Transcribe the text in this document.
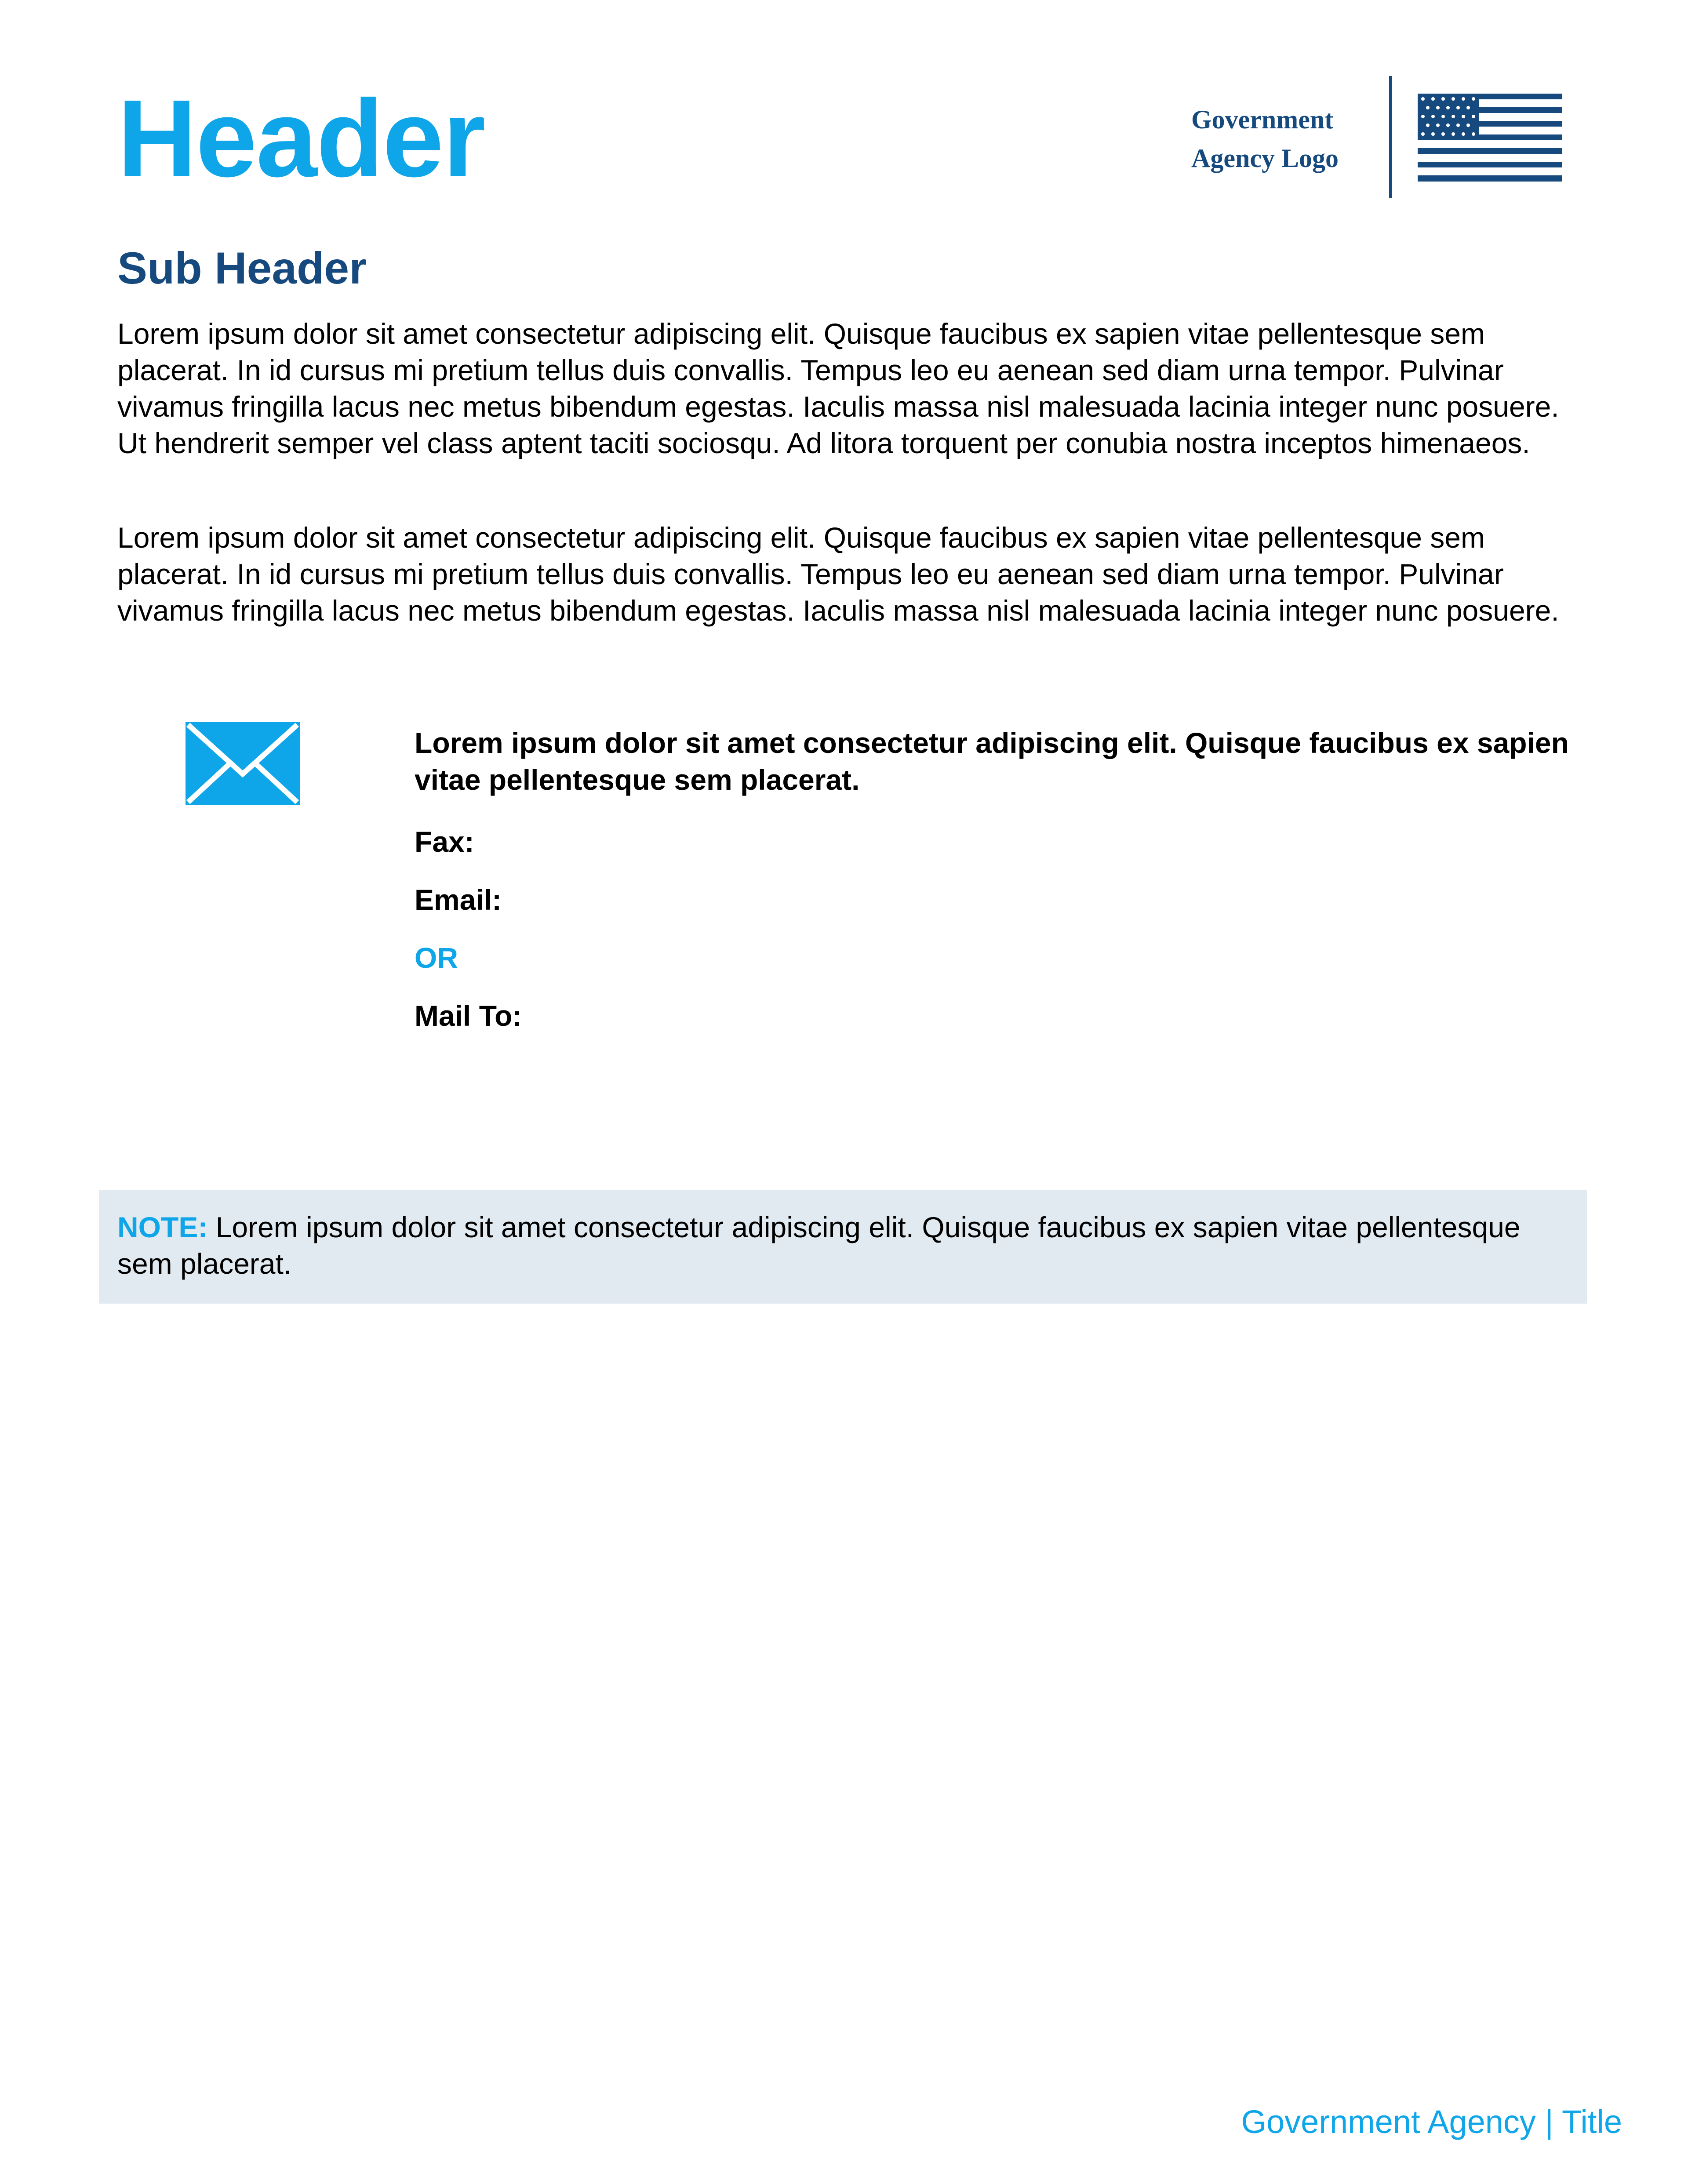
Header	Government
Agency Logo
Sub Header

Lorem ipsum dolor sit amet consectetur adipiscing elit. Quisque faucibus ex sapien vitae pellentesque sem placerat. In id cursus mi pretium tellus duis convallis. Tempus leo eu aenean sed diam urna tempor. Pulvinar vivamus fringilla lacus nec metus bibendum egestas. Iaculis massa nisl malesuada lacinia integer nunc posuere. Ut hendrerit semper vel class aptent taciti sociosqu. Ad litora torquent per conubia nostra inceptos himenaeos.

Lorem ipsum dolor sit amet consectetur adipiscing elit. Quisque faucibus ex sapien vitae pellentesque sem placerat. In id cursus mi pretium tellus duis convallis. Tempus leo eu aenean sed diam urna tempor. Pulvinar vivamus fringilla lacus nec metus bibendum egestas. Iaculis massa nisl malesuada lacinia integer nunc posuere.

Lorem ipsum dolor sit amet consectetur adipiscing elit. Quisque faucibus ex sapien vitae pellentesque sem placerat.

Fax:

Email:

OR

Mail To:

NOTE: Lorem ipsum dolor sit amet consectetur adipiscing elit. Quisque faucibus ex sapien vitae pellentesque sem placerat.

Government Agency | Title
